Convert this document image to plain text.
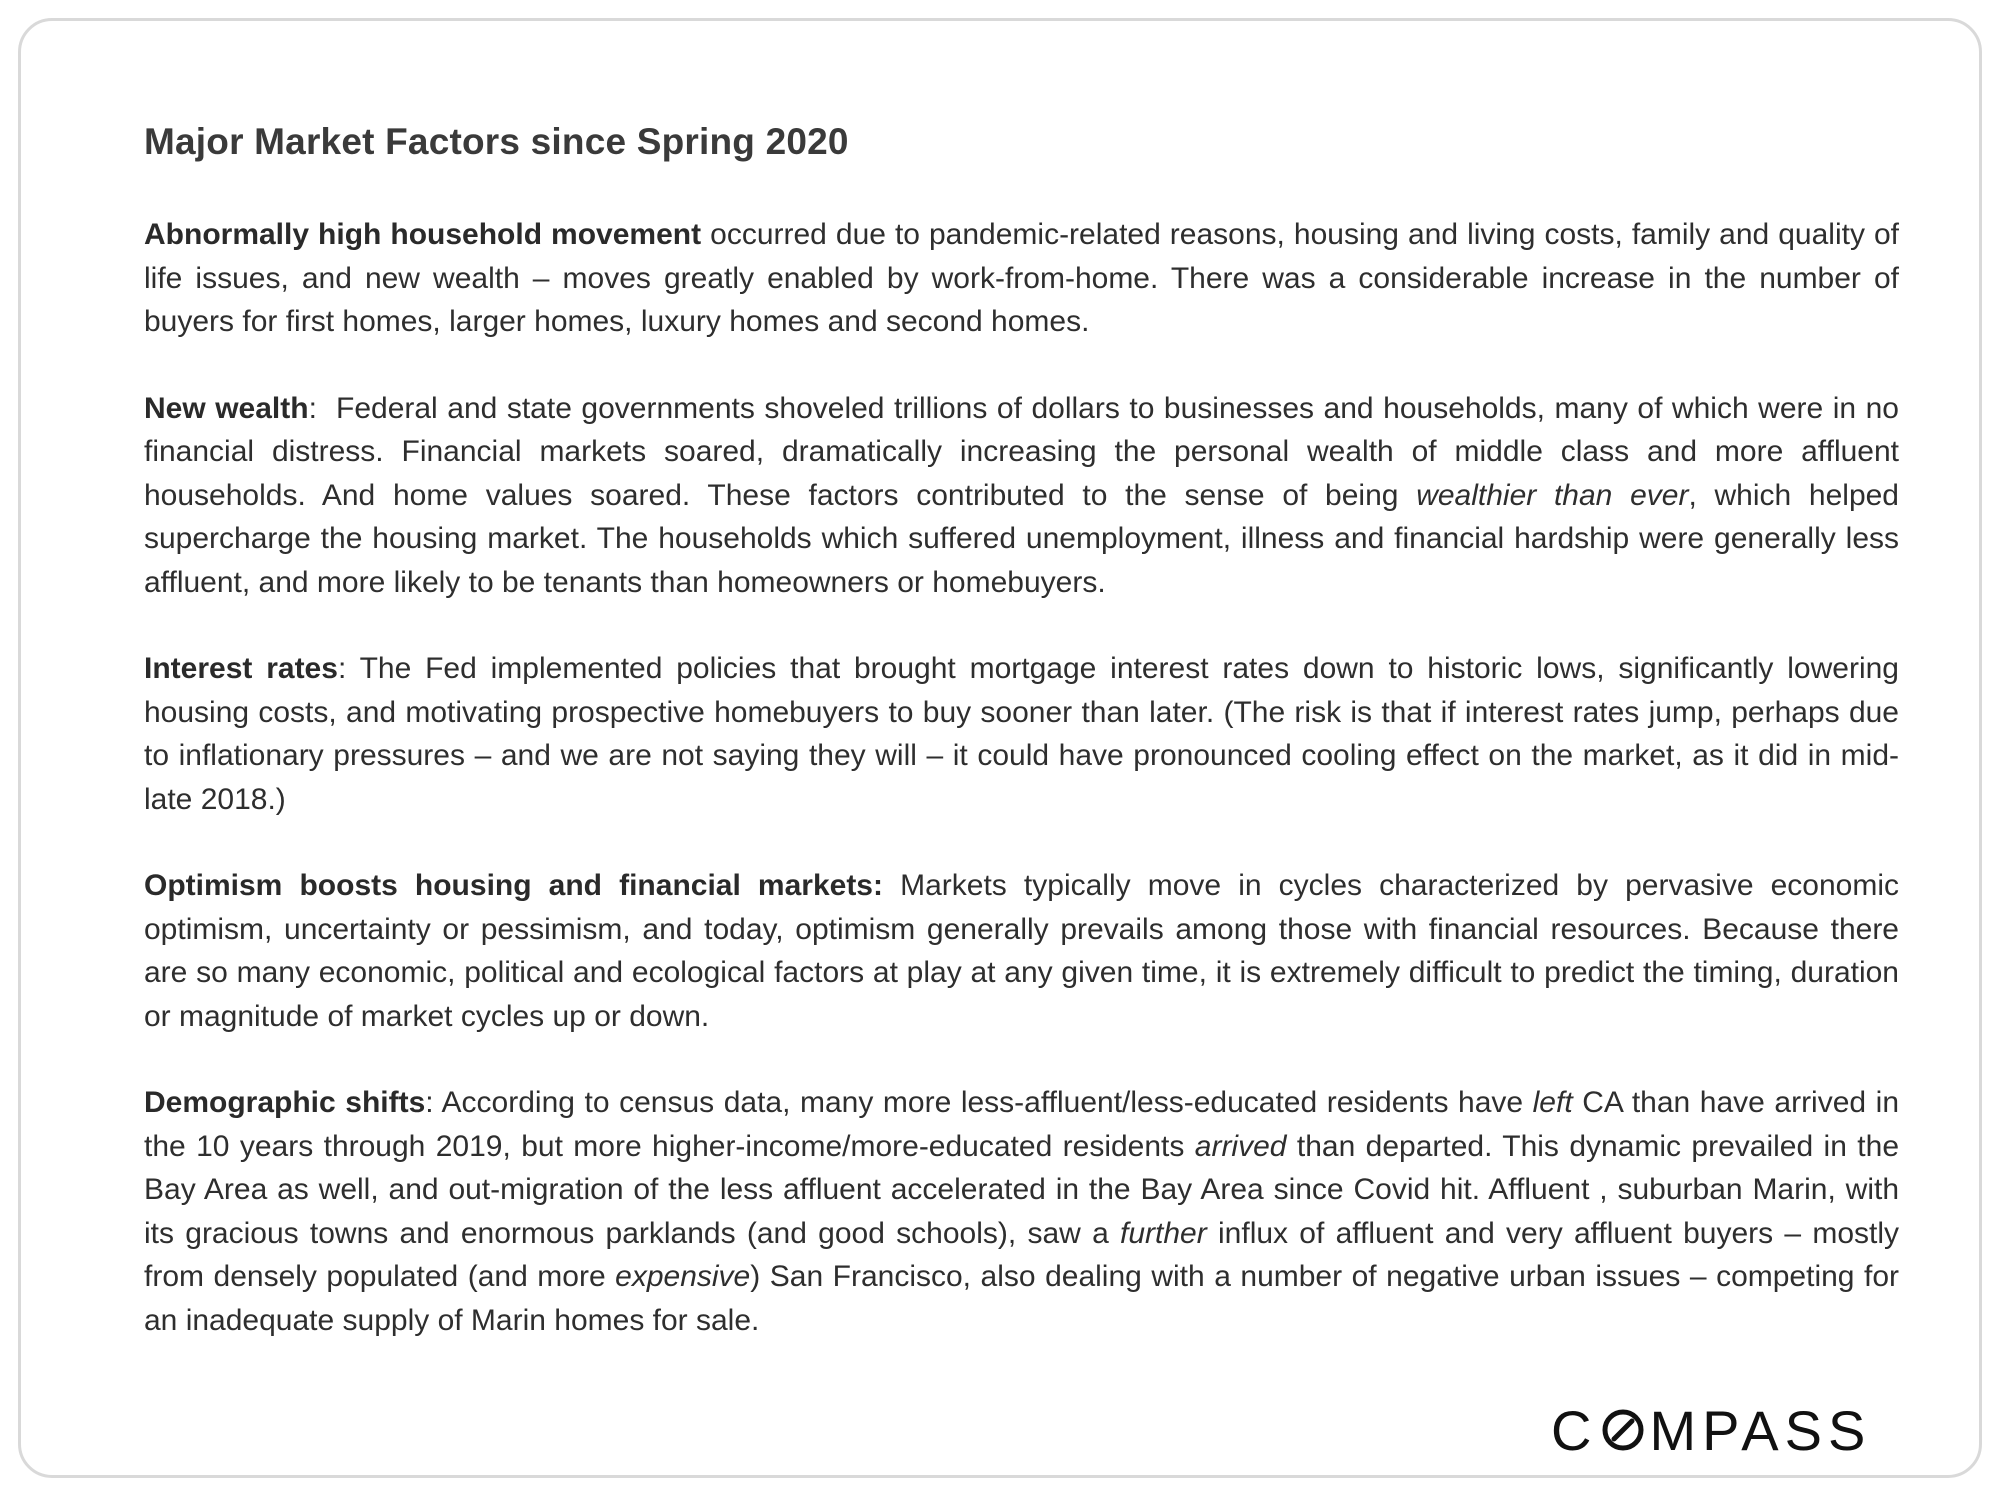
Major Market Factors since Spring 2020

Abnormally high household movement occurred due to pandemic-related reasons, housing and living costs, family and quality of life issues, and new wealth – moves greatly enabled by work-from-home. There was a considerable increase in the number of buyers for first homes, larger homes, luxury homes and second homes.

New wealth:  Federal and state governments shoveled trillions of dollars to businesses and households, many of which were in no financial distress. Financial markets soared, dramatically increasing the personal wealth of middle class and more affluent households. And home values soared. These factors contributed to the sense of being wealthier than ever, which helped supercharge the housing market. The households which suffered unemployment, illness and financial hardship were generally less affluent, and more likely to be tenants than homeowners or homebuyers.

Interest rates: The Fed implemented policies that brought mortgage interest rates down to historic lows, significantly lowering housing costs, and motivating prospective homebuyers to buy sooner than later. (The risk is that if interest rates jump, perhaps due to inflationary pressures – and we are not saying they will – it could have pronounced cooling effect on the market, as it did in mid-late 2018.)

Optimism boosts housing and financial markets: Markets typically move in cycles characterized by pervasive economic optimism, uncertainty or pessimism, and today, optimism generally prevails among those with financial resources. Because there are so many economic, political and ecological factors at play at any given time, it is extremely difficult to predict the timing, duration or magnitude of market cycles up or down.

Demographic shifts: According to census data, many more less-affluent/less-educated residents have left CA than have arrived in the 10 years through 2019, but more higher-income/more-educated residents arrived than departed. This dynamic prevailed in the Bay Area as well, and out-migration of the less affluent accelerated in the Bay Area since Covid hit. Affluent , suburban Marin, with its gracious towns and enormous parklands (and good schools), saw a further influx of affluent and very affluent buyers – mostly from densely populated (and more expensive) San Francisco, also dealing with a number of negative urban issues – competing for an inadequate supply of Marin homes for sale.

C MPASS
